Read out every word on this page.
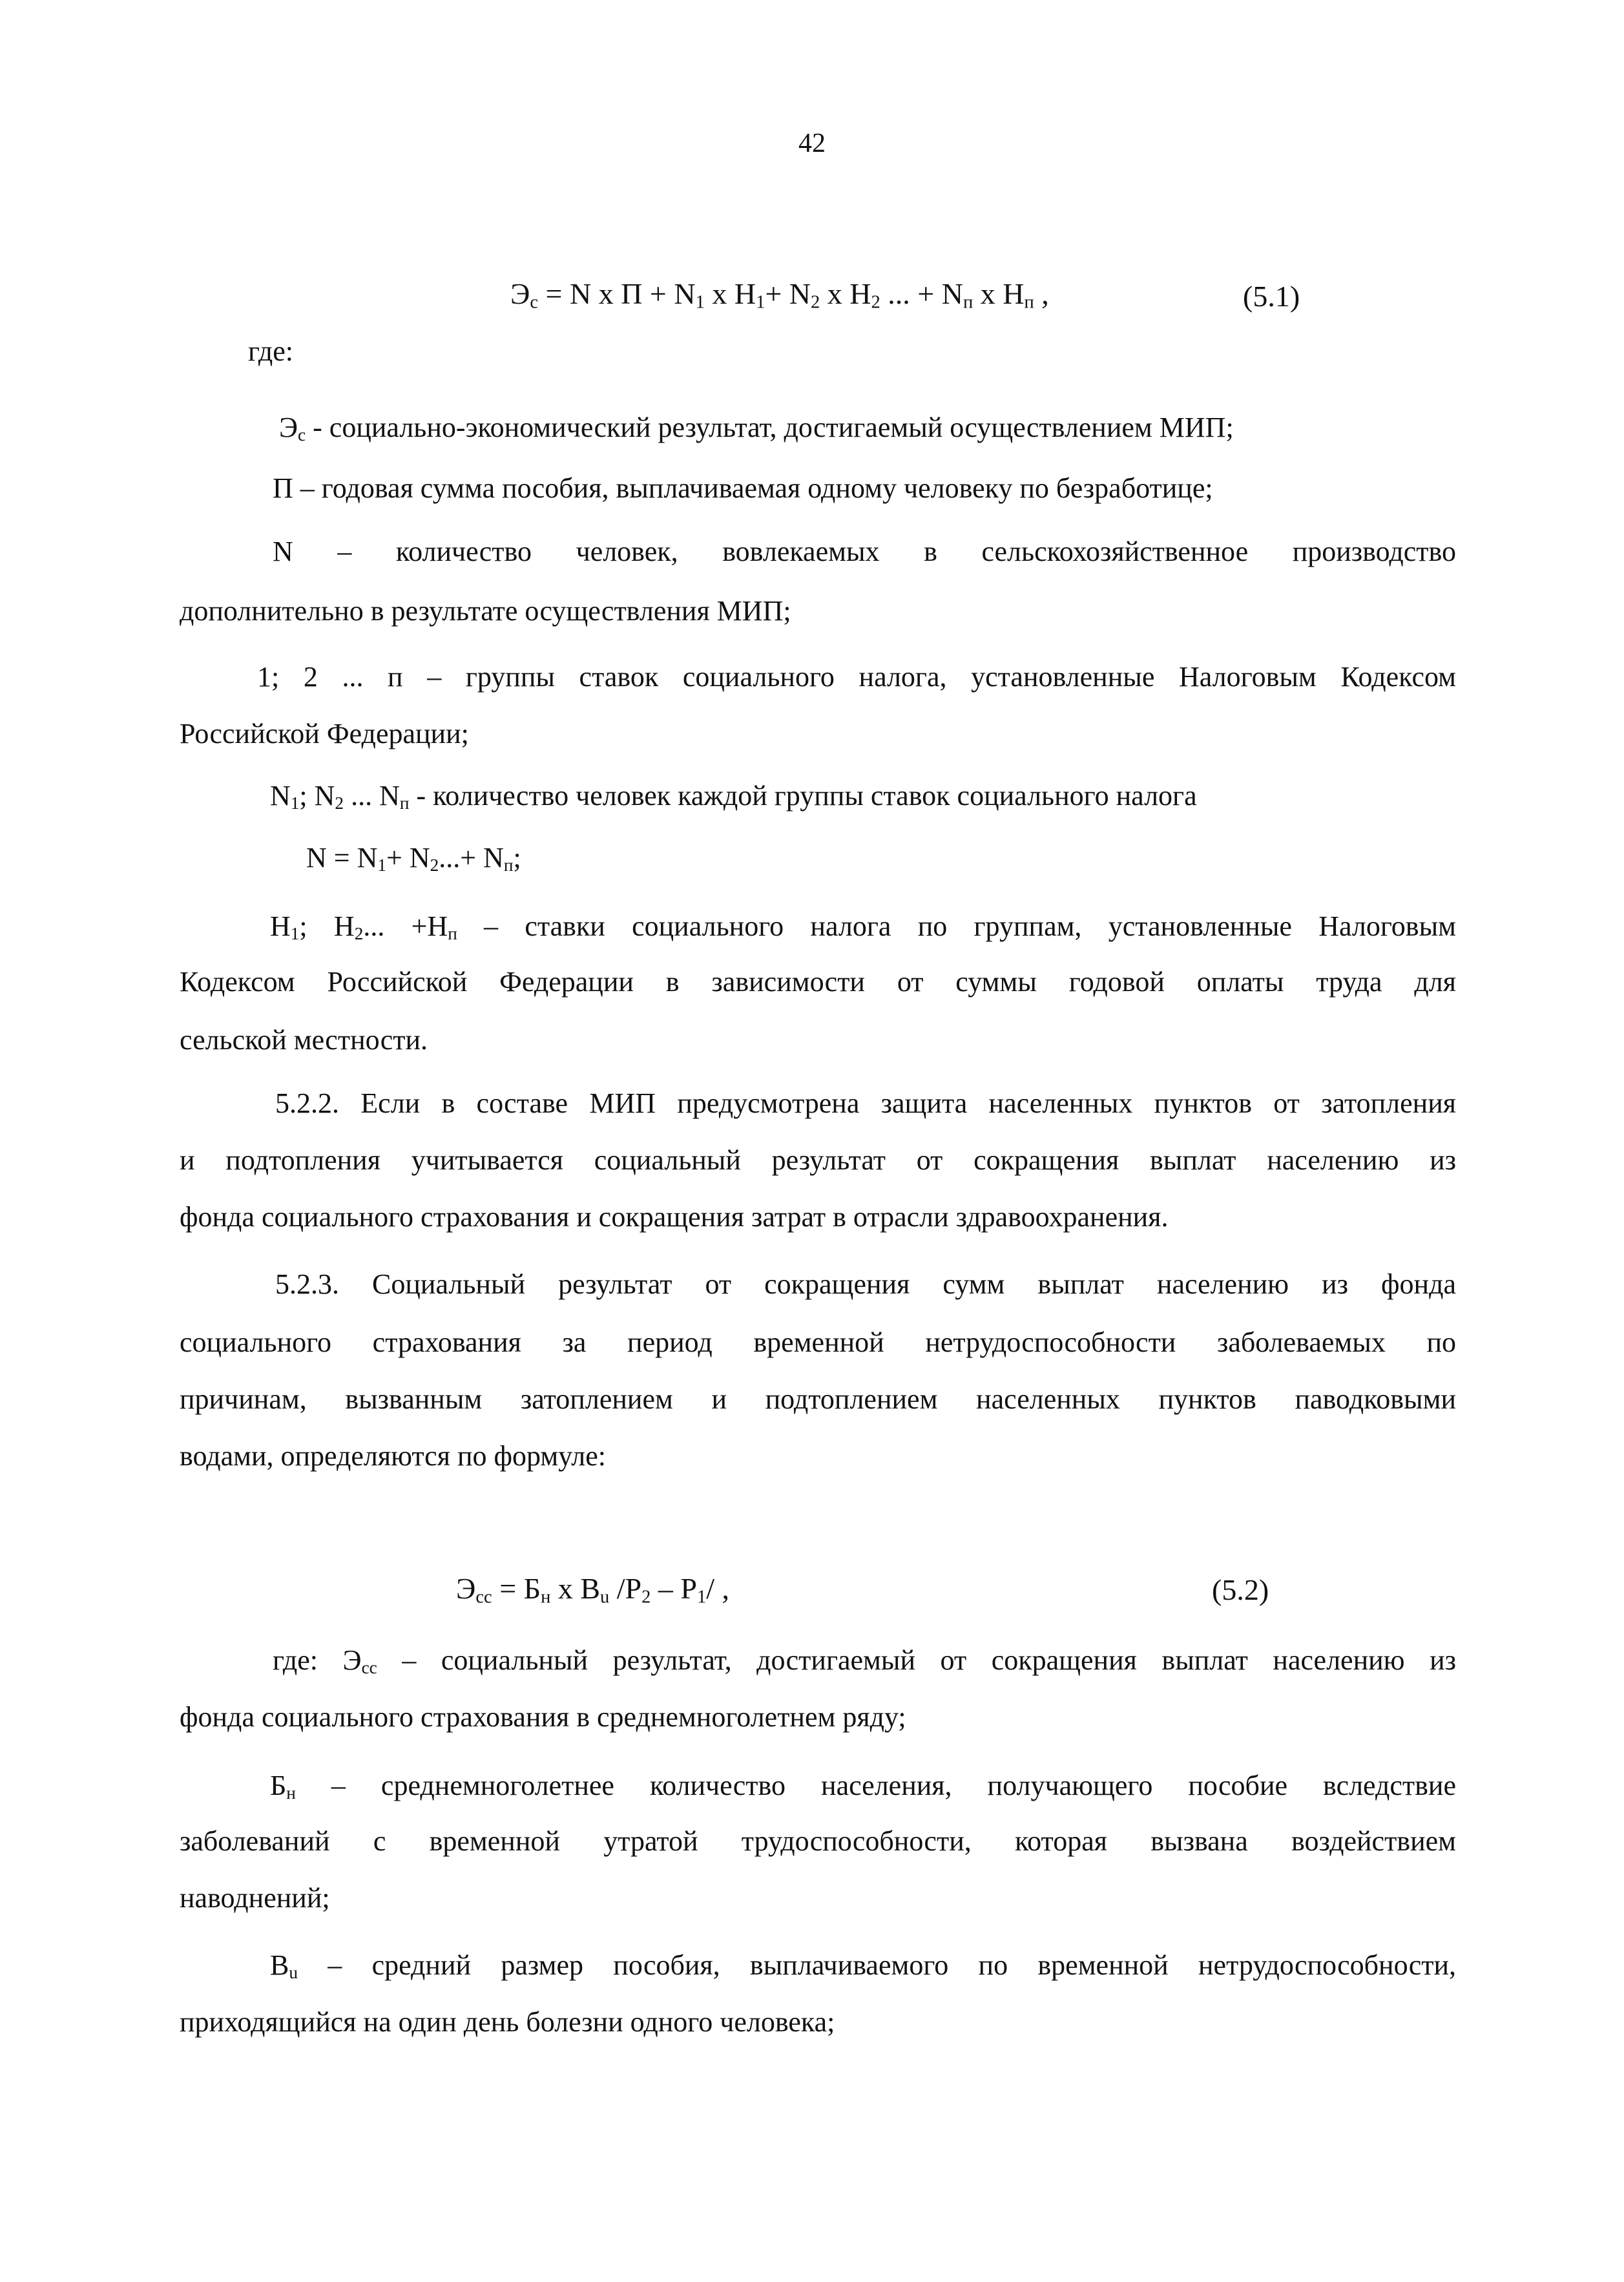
42
$Э_с = N$ x $П + N_1$ x $Н_1+ N_2$ x $Н_2$ ... + $N_п$ x $Н_п$ ,	(5.1)
где:
$Э_с$ - социально-экономический результат, достигаемый осуществлением МИП;
П – годовая сумма пособия, выплачиваемая одному человеку по безработице;
N – количество человек, вовлекаемых в сельскохозяйственное производство
дополнительно в результате осуществления МИП;
1; 2 ... п – группы ставок социального налога, установленные Налоговым Кодексом
Российской Федерации;
$N_1$; $N_2$ ... $N_п$ - количество человек каждой группы ставок социального налога
$N = N_1+ N_2...+ N_п$;
$Н_1$; $Н_2$... $+Н_п$ – ставки социального налога по группам, установленные Налоговым
Кодексом Российской Федерации в зависимости от суммы годовой оплаты труда для
сельской местности.
5.2.2. Если в составе МИП предусмотрена защита населенных пунктов от затопления
и подтопления учитывается социальный результат от сокращения выплат населению из
фонда социального страхования и сокращения затрат в отрасли здравоохранения.
5.2.3. Социальный результат от сокращения сумм выплат населению из фонда
социального страхования за период временной нетрудоспособности заболеваемых по
причинам, вызванным затоплением и подтоплением населенных пунктов паводковыми
водами, определяются по формуле:
$Э_{сс} = Б_н$ x $В_u$ $/Р_2 - Р_1/$ ,	(5.2)
где: $Э_{сс}$ – социальный результат, достигаемый от сокращения выплат населению из
фонда социального страхования в среднемноголетнем ряду;
$Б_н$ – среднемноголетнее количество населения, получающего пособие вследствие
заболеваний с временной утратой трудоспособности, которая вызвана воздействием
наводнений;
$В_u$ – средний размер пособия, выплачиваемого по временной нетрудоспособности,
приходящийся на один день болезни одного человека;
